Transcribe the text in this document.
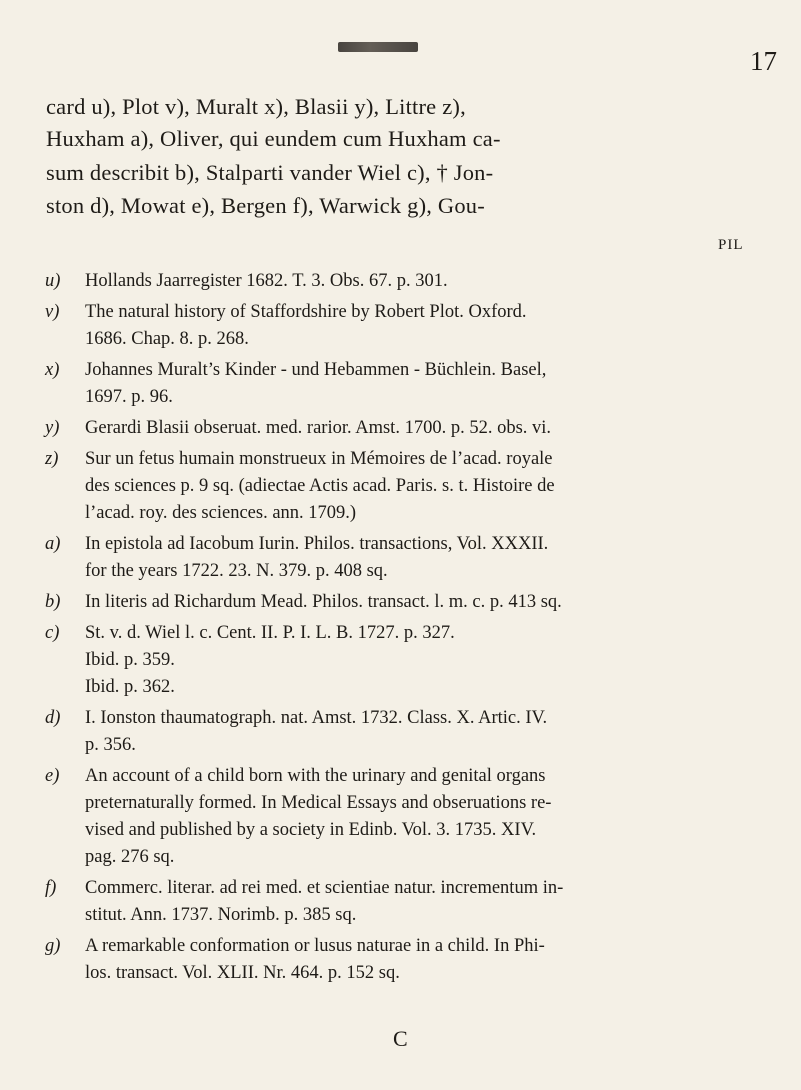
17
card u), Plot v), Muralt x), Blasii y), Littre z),
Huxham a), Oliver, qui eundem cum Huxham ca-
sum describit b), Stalparti vander Wiel c), † Jon-
ston d), Mowat e), Bergen f), Warwick g), Gou-
pil
u)	Hollands Jaarregister 1682. T. 3. Obs. 67. p. 301.
v)	The natural history of Staffordshire by Robert Plot. Oxford.
1686. Chap. 8. p. 268.
x)	Johannes Muralt’s Kinder - und Hebammen - Büchlein. Basel,
1697. p. 96.
y)	Gerardi Blasii obseruat. med. rarior. Amst. 1700. p. 52. obs. vi.
z)	Sur un fetus humain monstrueux in Mémoires de l’acad. royale
des sciences p. 9 sq. (adiectae Actis acad. Paris. s. t. Histoire de
l’acad. roy. des sciences. ann. 1709.)
a)	In epistola ad Iacobum Iurin. Philos. transactions, Vol. XXXII.
for the years 1722. 23. N. 379. p. 408 sq.
b)	In literis ad Richardum Mead. Philos. transact. l. m. c. p. 413 sq.
c)	St. v. d. Wiel l. c. Cent. II. P. I. L. B. 1727. p. 327.
Ibid. p. 359.
Ibid. p. 362.
d)	I. Ionston thaumatograph. nat. Amst. 1732. Class. X. Artic. IV.
p. 356.
e)	An account of a child born with the urinary and genital organs
preternaturally formed. In Medical Essays and obseruations re-
vised and published by a society in Edinb. Vol. 3. 1735. XIV.
pag. 276 sq.
f)	Commerc. literar. ad rei med. et scientiae natur. incrementum in-
stitut. Ann. 1737. Norimb. p. 385 sq.
g)	A remarkable conformation or lusus naturae in a child. In Phi-
los. transact. Vol. XLII. Nr. 464. p. 152 sq.
C
